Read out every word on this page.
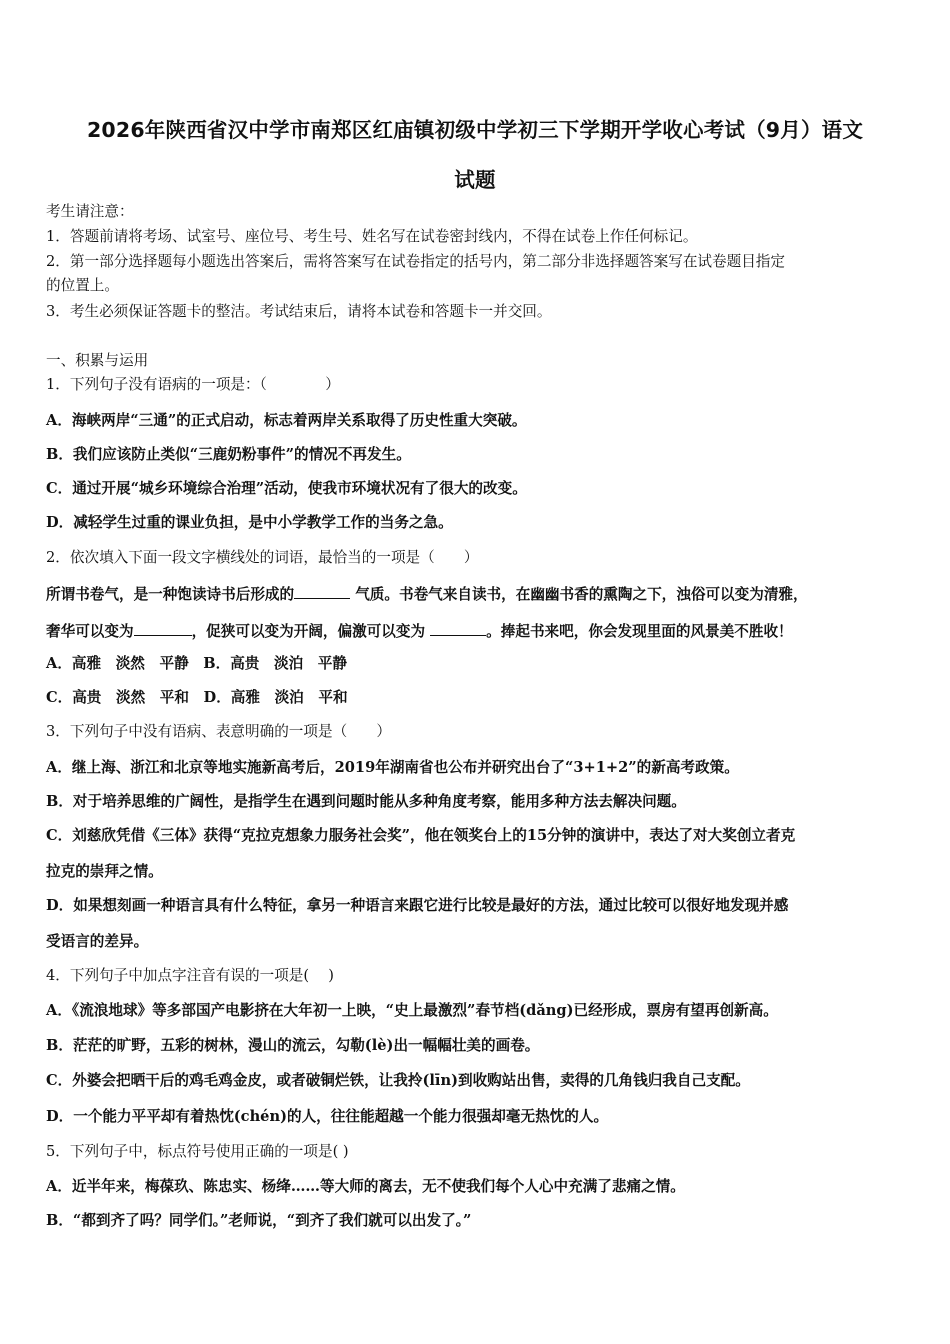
2026年陕西省汉中学市南郑区红庙镇初级中学初三下学期开学收心考试（9月）语文
试题
考生请注意：
1．答题前请将考场、试室号、座位号、考生号、姓名写在试卷密封线内，不得在试卷上作任何标记。
2．第一部分选择题每小题选出答案后，需将答案写在试卷指定的括号内，第二部分非选择题答案写在试卷题目指定
的位置上。
3．考生必须保证答题卡的整洁。考试结束后，请将本试卷和答题卡一并交回。
一、积累与运用
1．下列句子没有语病的一项是：（　　　　）
A．海峡两岸“三通”的正式启动，标志着两岸关系取得了历史性重大突破。
B．我们应该防止类似“三鹿奶粉事件”的情况不再发生。
C．通过开展“城乡环境综合治理”活动，使我市环境状况有了很大的改变。
D．减轻学生过重的课业负担，是中小学教学工作的当务之急。
2．依次填入下面一段文字横线处的词语，最恰当的一项是（　　）
所谓书卷气，是一种饱读诗书后形成的	气质。书卷气来自读书，在幽幽书香的熏陶之下，浊俗可以变为清雅，
奢华可以变为	，促狭可以变为开阔，偏激可以变为	。捧起书来吧，你会发现里面的风景美不胜收！
A．高雅　淡然　平静　B．高贵　淡泊　平静
C．高贵　淡然　平和　D．高雅　淡泊　平和
3．下列句子中没有语病、表意明确的一项是（　　）
A．继上海、浙江和北京等地实施新高考后，2019年湖南省也公布并研究出台了“3+1+2”的新高考政策。
B．对于培养思维的广阔性，是指学生在遇到问题时能从多种角度考察，能用多种方法去解决问题。
C．刘慈欣凭借《三体》获得“克拉克想象力服务社会奖”，他在领奖台上的15分钟的演讲中，表达了对大奖创立者克
拉克的崇拜之情。
D．如果想刻画一种语言具有什么特征，拿另一种语言来跟它进行比较是最好的方法，通过比较可以很好地发现并感
受语言的差异。
4．下列句子中加点字注音有误的一项是(　 )
A．《流浪地球》等多部国产电影挤在大年初一上映，“史上最激烈”春节档(dǎng)已经形成，票房有望再创新高。
B．茫茫的旷野，五彩的树林，漫山的流云，勾勒(lè)出一幅幅壮美的画卷。
C．外婆会把晒干后的鸡毛鸡金皮，或者破铜烂铁，让我拎(līn)到收购站出售，卖得的几角钱归我自己支配。
D．一个能力平平却有着热忱(chén)的人，往往能超越一个能力很强却毫无热忱的人。
5．下列句子中，标点符号使用正确的一项是( )
A．近半年来，梅葆玖、陈忠实、杨绛……等大师的离去，无不使我们每个人心中充满了悲痛之情。
B．“都到齐了吗？同学们。”老师说，“到齐了我们就可以出发了。”
